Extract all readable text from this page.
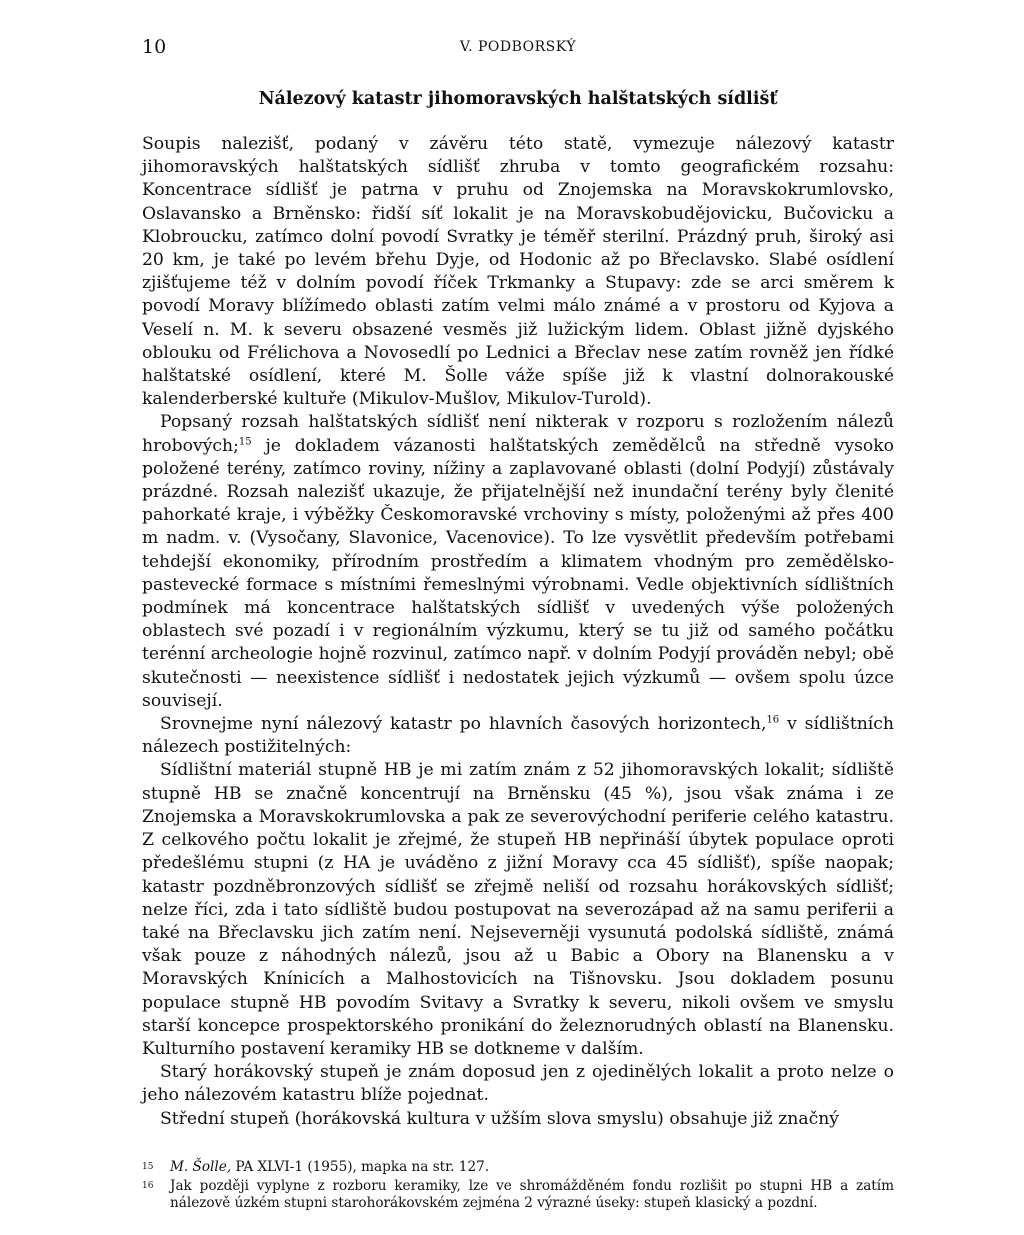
10	V. PODBORSKÝ
Nálezový katastr jihomoravských halštatských sídlišť

Soupis nalezišť, podaný v závěru této statě, vymezuje nálezový katastr jihomoravských halštatských sídlišť zhruba v tomto geografickém rozsahu: Koncentrace sídlišť je patrna v pruhu od Znojemska na Moravskokrumlovsko, Oslavansko a Brněnsko: řidší síť lokalit je na Moravskobudějovicku, Bučovicku a Klobroucku, zatímco dolní povodí Svratky je téměř sterilní. Prázdný pruh, široký asi 20 km, je také po levém břehu Dyje, od Hodonic až po Břeclavsko. Slabé osídlení zjišťujeme též v dolním povodí říček Trkmanky a Stupavy: zde se arci směrem k povodí Moravy blížímedo oblasti zatím velmi málo známé a v prostoru od Kyjova a Veselí n. M. k severu obsazené vesměs již lužickým lidem. Oblast jižně dyjského oblouku od Frélichova a Novosedlí po Lednici a Břeclav nese zatím rovněž jen řídké halštatské osídlení, které M. Šolle váže spíše již k vlastní dolnorakouské kalenderberské kultuře (Mikulov-Mušlov, Mikulov-Turold).

Popsaný rozsah halštatských sídlišť není nikterak v rozporu s rozložením nálezů hrobových;$^{15}$ je dokladem vázanosti halštatských zemědělců na středně vysoko položené terény, zatímco roviny, nížiny a zaplavované oblasti (dolní Podyjí) zůstávaly prázdné. Rozsah nalezišť ukazuje, že přijatelnější než inundační terény byly členité pahorkaté kraje, i výběžky Českomoravské vrchoviny s místy, položenými až přes 400 m nadm. v. (Vysočany, Slavonice, Vacenovice). To lze vysvětlit především potřebami tehdejší ekonomiky, přírodním prostředím a klimatem vhodným pro zemědělsko-pastevecké formace s místními řemeslnými výrobnami. Vedle objektivních sídlištních podmínek má koncentrace halštatských sídlišť v uvedených výše položených oblastech své pozadí i v regionálním výzkumu, který se tu již od samého počátku terénní archeologie hojně rozvinul, zatímco např. v dolním Podyjí prováděn nebyl; obě skutečnosti — neexistence sídlišť i nedostatek jejich výzkumů — ovšem spolu úzce souvisejí.

Srovnejme nyní nálezový katastr po hlavních časových horizontech,$^{16}$ v sídlištních nálezech postižitelných:

Sídlištní materiál stupně HB je mi zatím znám z 52 jihomoravských lokalit; sídliště stupně HB se značně koncentrují na Brněnsku (45 %), jsou však známa i ze Znojemska a Moravskokrumlovska a pak ze severovýchodní periferie celého katastru. Z celkového počtu lokalit je zřejmé, že stupeň HB nepřináší úbytek populace oproti předešlému stupni (z HA je uváděno z jižní Moravy cca 45 sídlišť), spíše naopak; katastr pozdněbronzových sídlišť se zřejmě neliší od rozsahu horákovských sídlišť; nelze říci, zda i tato sídliště budou postupovat na severozápad až na samu periferii a také na Břeclavsku jich zatím není. Nejseverněji vysunutá podolská sídliště, známá však pouze z náhodných nálezů, jsou až u Babic a Obory na Blanensku a v Moravských Knínicích a Malhostovicích na Tišnovsku. Jsou dokladem posunu populace stupně HB povodím Svitavy a Svratky k severu, nikoli ovšem ve smyslu starší koncepce prospektorského pronikání do železnorudných oblastí na Blanensku. Kulturního postavení keramiky HB se dotkneme v dalším.

Starý horákovský stupeň je znám doposud jen z ojedinělých lokalit a proto nelze o jeho nálezovém katastru blíže pojednat.

Střední stupeň (horákovská kultura v užším slova smyslu) obsahuje již značný

15	M. Šolle, PA XLVI-1 (1955), mapka na str. 127.
16	Jak později vyplyne z rozboru keramiky, lze ve shromážděném fondu rozlišit po stupni HB a zatím nálezově úzkém stupni starohorákovském zejména 2 výrazné úseky: stupeň klasický a pozdní.
